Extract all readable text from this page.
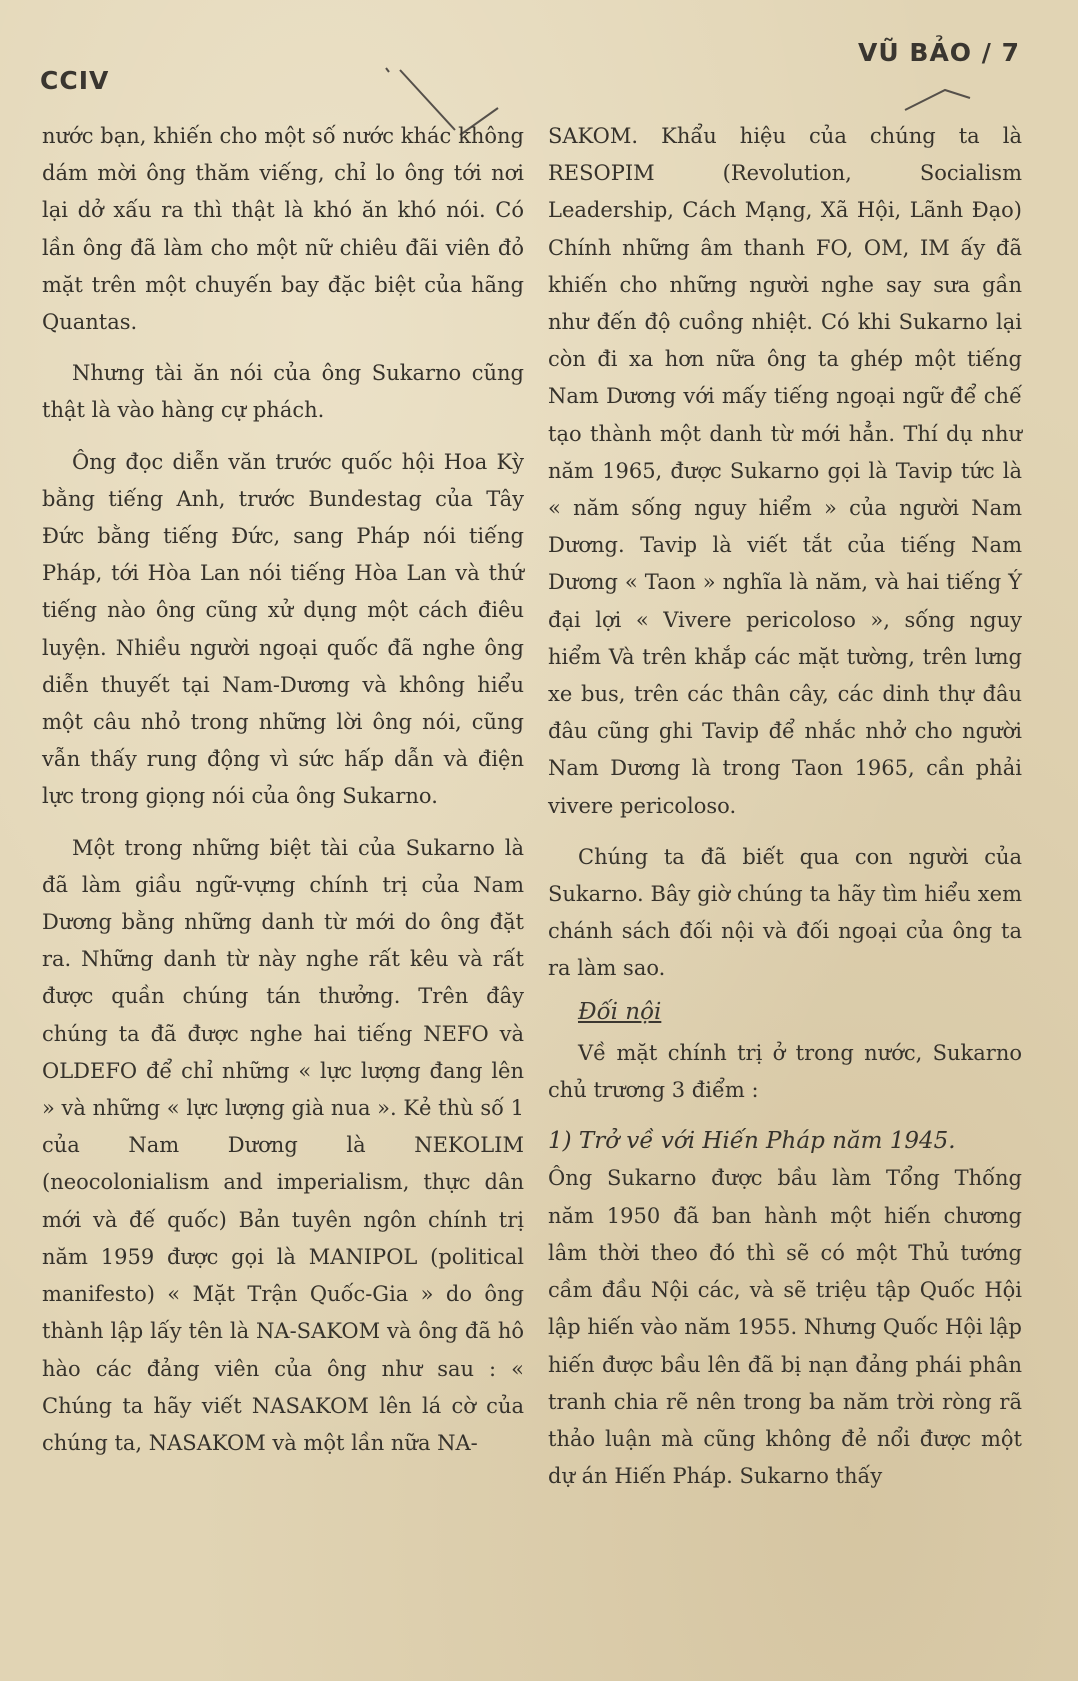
CCIV
VŨ BẢO / 7

nước bạn, khiến cho một số nước khác không dám mời ông thăm viếng, chỉ lo ông tới nơi lại dở xấu ra thì thật là khó ăn khó nói. Có lần ông đã làm cho một nữ chiêu đãi viên đỏ mặt trên một chuyến bay đặc biệt của hãng Quantas.

Nhưng tài ăn nói của ông Sukarno cũng thật là vào hàng cự phách.

Ông đọc diễn văn trước quốc hội Hoa Kỳ bằng tiếng Anh, trước Bundestag của Tây Đức bằng tiếng Đức, sang Pháp nói tiếng Pháp, tới Hòa Lan nói tiếng Hòa Lan và thứ tiếng nào ông cũng xử dụng một cách điêu luyện. Nhiều người ngoại quốc đã nghe ông diễn thuyết tại Nam-Dương và không hiểu một câu nhỏ trong những lời ông nói, cũng vẫn thấy rung động vì sức hấp dẫn và điện lực trong giọng nói của ông Sukarno.

Một trong những biệt tài của Sukarno là đã làm giầu ngữ-vựng chính trị của Nam Dương bằng những danh từ mới do ông đặt ra. Những danh từ này nghe rất kêu và rất được quần chúng tán thưởng. Trên đây chúng ta đã được nghe hai tiếng NEFO và OLDEFO để chỉ những « lực lượng đang lên » và những « lực lượng già nua ». Kẻ thù số 1 của Nam Dương là NEKOLIM (neocolonialism and imperialism, thực dân mới và đế quốc) Bản tuyên ngôn chính trị năm 1959 được gọi là MANIPOL (political manifesto) « Mặt Trận Quốc-Gia » do ông thành lập lấy tên là NA-SAKOM và ông đã hô hào các đảng viên của ông như sau : « Chúng ta hãy viết NASAKOM lên lá cờ của chúng ta, NASAKOM và một lần nữa NA-

SAKOM. Khẩu hiệu của chúng ta là RESOPIM (Revolution, Socialism Leadership, Cách Mạng, Xã Hội, Lãnh Đạo) Chính những âm thanh FO, OM, IM ấy đã khiến cho những người nghe say sưa gần như đến độ cuồng nhiệt. Có khi Sukarno lại còn đi xa hơn nữa ông ta ghép một tiếng Nam Dương với mấy tiếng ngoại ngữ để chế tạo thành một danh từ mới hẳn. Thí dụ như năm 1965, được Sukarno gọi là Tavip tức là « năm sống nguy hiểm » của người Nam Dương. Tavip là viết tắt của tiếng Nam Dương « Taon » nghĩa là năm, và hai tiếng Ý đại lợi « Vivere pericoloso », sống nguy hiểm Và trên khắp các mặt tường, trên lưng xe bus, trên các thân cây, các dinh thự đâu đâu cũng ghi Tavip để nhắc nhở cho người Nam Dương là trong Taon 1965, cần phải vivere pericoloso.

Chúng ta đã biết qua con người của Sukarno. Bây giờ chúng ta hãy tìm hiểu xem chánh sách đối nội và đối ngoại của ông ta ra làm sao.

Đối nội

Về mặt chính trị ở trong nước, Sukarno chủ trương 3 điểm :

1) Trở về với Hiến Pháp năm 1945.

Ông Sukarno được bầu làm Tổng Thống năm 1950 đã ban hành một hiến chương lâm thời theo đó thì sẽ có một Thủ tướng cầm đầu Nội các, và sẽ triệu tập Quốc Hội lập hiến vào năm 1955. Nhưng Quốc Hội lập hiến được bầu lên đã bị nạn đảng phái phân tranh chia rẽ nên trong ba năm trời ròng rã thảo luận mà cũng không đẻ nổi được một dự án Hiến Pháp. Sukarno thấy
